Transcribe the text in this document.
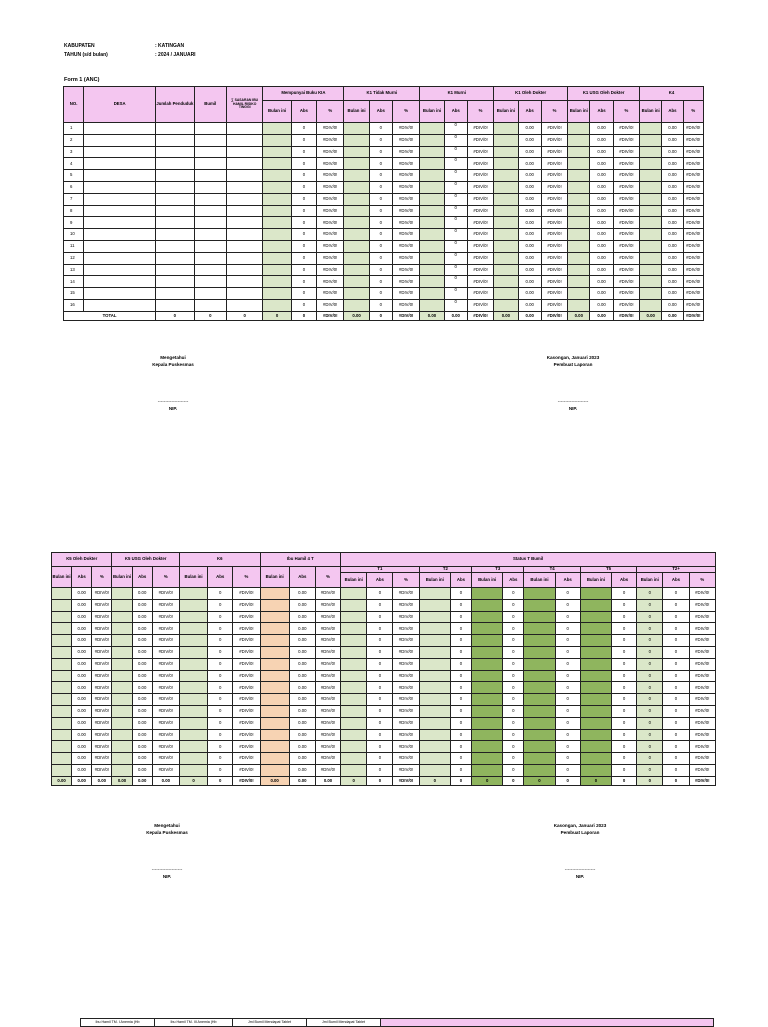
KABUPATEN	: KATINGAN
TAHUN (s/d bulan)	: 2024 / JANUARI
Form 1 (ANC)
NO.	DESA	Jumlah Penduduk	Bumil	∑ SASARAN IBU HAMIL RISIKO TINGGI	Mempunyai Buku KIA			K1 Tidak Murni			K1 Murni			K1 Oleh Dokter			K1 USG Oleh Dokter			K4		
					Bulan ini	Abs	%	Bulan ini	Abs	%	Bulan ini	Abs	%	Bulan ini	Abs	%	Bulan ini	Abs	%	Bulan ini	Abs	%
1						0	#DIV/0!		0	#DIV/0!		0	#DIV/0!		0.00	#DIV/0!		0.00	#DIV/0!		0.00	#DIV/0!
2						0	#DIV/0!		0	#DIV/0!		0	#DIV/0!		0.00	#DIV/0!		0.00	#DIV/0!		0.00	#DIV/0!
3						0	#DIV/0!		0	#DIV/0!		0	#DIV/0!		0.00	#DIV/0!		0.00	#DIV/0!		0.00	#DIV/0!
4						0	#DIV/0!		0	#DIV/0!		0	#DIV/0!		0.00	#DIV/0!		0.00	#DIV/0!		0.00	#DIV/0!
5						0	#DIV/0!		0	#DIV/0!		0	#DIV/0!		0.00	#DIV/0!		0.00	#DIV/0!		0.00	#DIV/0!
6						0	#DIV/0!		0	#DIV/0!		0	#DIV/0!		0.00	#DIV/0!		0.00	#DIV/0!		0.00	#DIV/0!
7						0	#DIV/0!		0	#DIV/0!		0	#DIV/0!		0.00	#DIV/0!		0.00	#DIV/0!		0.00	#DIV/0!
8						0	#DIV/0!		0	#DIV/0!		0	#DIV/0!		0.00	#DIV/0!		0.00	#DIV/0!		0.00	#DIV/0!
9						0	#DIV/0!		0	#DIV/0!		0	#DIV/0!		0.00	#DIV/0!		0.00	#DIV/0!		0.00	#DIV/0!
10						0	#DIV/0!		0	#DIV/0!		0	#DIV/0!		0.00	#DIV/0!		0.00	#DIV/0!		0.00	#DIV/0!
11						0	#DIV/0!		0	#DIV/0!		0	#DIV/0!		0.00	#DIV/0!		0.00	#DIV/0!		0.00	#DIV/0!
12						0	#DIV/0!		0	#DIV/0!		0	#DIV/0!		0.00	#DIV/0!		0.00	#DIV/0!		0.00	#DIV/0!
13						0	#DIV/0!		0	#DIV/0!		0	#DIV/0!		0.00	#DIV/0!		0.00	#DIV/0!		0.00	#DIV/0!
14						0	#DIV/0!		0	#DIV/0!		0	#DIV/0!		0.00	#DIV/0!		0.00	#DIV/0!		0.00	#DIV/0!
15						0	#DIV/0!		0	#DIV/0!		0	#DIV/0!		0.00	#DIV/0!		0.00	#DIV/0!		0.00	#DIV/0!
16						0	#DIV/0!		0	#DIV/0!		0	#DIV/0!		0.00	#DIV/0!		0.00	#DIV/0!		0.00	#DIV/0!
TOTAL		0	0	0	0	0	#DIV/0!	0.00	0	#DIV/0!	0.00	0.00	#DIV/0!	0.00	0.00	#DIV/0!	0.00	0.00	#DIV/0!	0.00	0.00	#DIV/0!
Mengetahui
Kepala Puskesmas
Kasongan, Januari 2023
Pembuat Laporan
--------------------
NIP.
--------------------
NIP.
K5 Oleh Dokter			K5 USG Oleh Dokter			K6			Ibu Hamil 4 T			Status T Bumil													
Bulan ini	Abs	%	Bulan ini	Abs	%	Bulan ini	Abs	%	Bulan ini	Abs	%	T1			T2		T3		T4		T5		T2+		
												Bulan ini	Abs	%	Bulan ini	Abs	Bulan ini	Abs	Bulan ini	Abs	Bulan ini	Abs	Bulan ini	Abs	%
	0.00	#DIV/0!		0.00	#DIV/0!		0	#DIV/0!		0.00	#DIV/0!		0	#DIV/0!		0		0		0		0	0	0	#DIV/0!
	0.00	#DIV/0!		0.00	#DIV/0!		0	#DIV/0!		0.00	#DIV/0!		0	#DIV/0!		0		0		0		0	0	0	#DIV/0!
	0.00	#DIV/0!		0.00	#DIV/0!		0	#DIV/0!		0.00	#DIV/0!		0	#DIV/0!		0		0		0		0	0	0	#DIV/0!
	0.00	#DIV/0!		0.00	#DIV/0!		0	#DIV/0!		0.00	#DIV/0!		0	#DIV/0!		0		0		0		0	0	0	#DIV/0!
	0.00	#DIV/0!		0.00	#DIV/0!		0	#DIV/0!		0.00	#DIV/0!		0	#DIV/0!		0		0		0		0	0	0	#DIV/0!
	0.00	#DIV/0!		0.00	#DIV/0!		0	#DIV/0!		0.00	#DIV/0!		0	#DIV/0!		0		0		0		0	0	0	#DIV/0!
	0.00	#DIV/0!		0.00	#DIV/0!		0	#DIV/0!		0.00	#DIV/0!		0	#DIV/0!		0		0		0		0	0	0	#DIV/0!
	0.00	#DIV/0!		0.00	#DIV/0!		0	#DIV/0!		0.00	#DIV/0!		0	#DIV/0!		0		0		0		0	0	0	#DIV/0!
	0.00	#DIV/0!		0.00	#DIV/0!		0	#DIV/0!		0.00	#DIV/0!		0	#DIV/0!		0		0		0		0	0	0	#DIV/0!
	0.00	#DIV/0!		0.00	#DIV/0!		0	#DIV/0!		0.00	#DIV/0!		0	#DIV/0!		0		0		0		0	0	0	#DIV/0!
	0.00	#DIV/0!		0.00	#DIV/0!		0	#DIV/0!		0.00	#DIV/0!		0	#DIV/0!		0		0		0		0	0	0	#DIV/0!
	0.00	#DIV/0!		0.00	#DIV/0!		0	#DIV/0!		0.00	#DIV/0!		0	#DIV/0!		0		0		0		0	0	0	#DIV/0!
	0.00	#DIV/0!		0.00	#DIV/0!		0	#DIV/0!		0.00	#DIV/0!		0	#DIV/0!		0		0		0		0	0	0	#DIV/0!
	0.00	#DIV/0!		0.00	#DIV/0!		0	#DIV/0!		0.00	#DIV/0!		0	#DIV/0!		0		0		0		0	0	0	#DIV/0!
	0.00	#DIV/0!		0.00	#DIV/0!		0	#DIV/0!		0.00	#DIV/0!		0	#DIV/0!		0		0		0		0	0	0	#DIV/0!
	0.00	#DIV/0!		0.00	#DIV/0!		0	#DIV/0!		0.00	#DIV/0!		0	#DIV/0!		0		0		0		0	0	0	#DIV/0!
0.00	0.00	0.00	0.00	0.00	0.00	0	0	#DIV/0!	0.00	0.00	0.00	0	0	#DIV/0!	0	0	0	0	0	0	0	0	0	0	#DIV/0!
Mengetahui
Kepala Puskesmas
Kasongan, Januari 2023
Pembuat Laporan
--------------------
NIP.
--------------------
NIP.
Ibu Hamil TM. I Anemia (Hb	Ibu Hamil TM. III Anemia (Hb	Jml Bumil Mendapat Tablet	Jml Bumil Mendapat Tablet	
